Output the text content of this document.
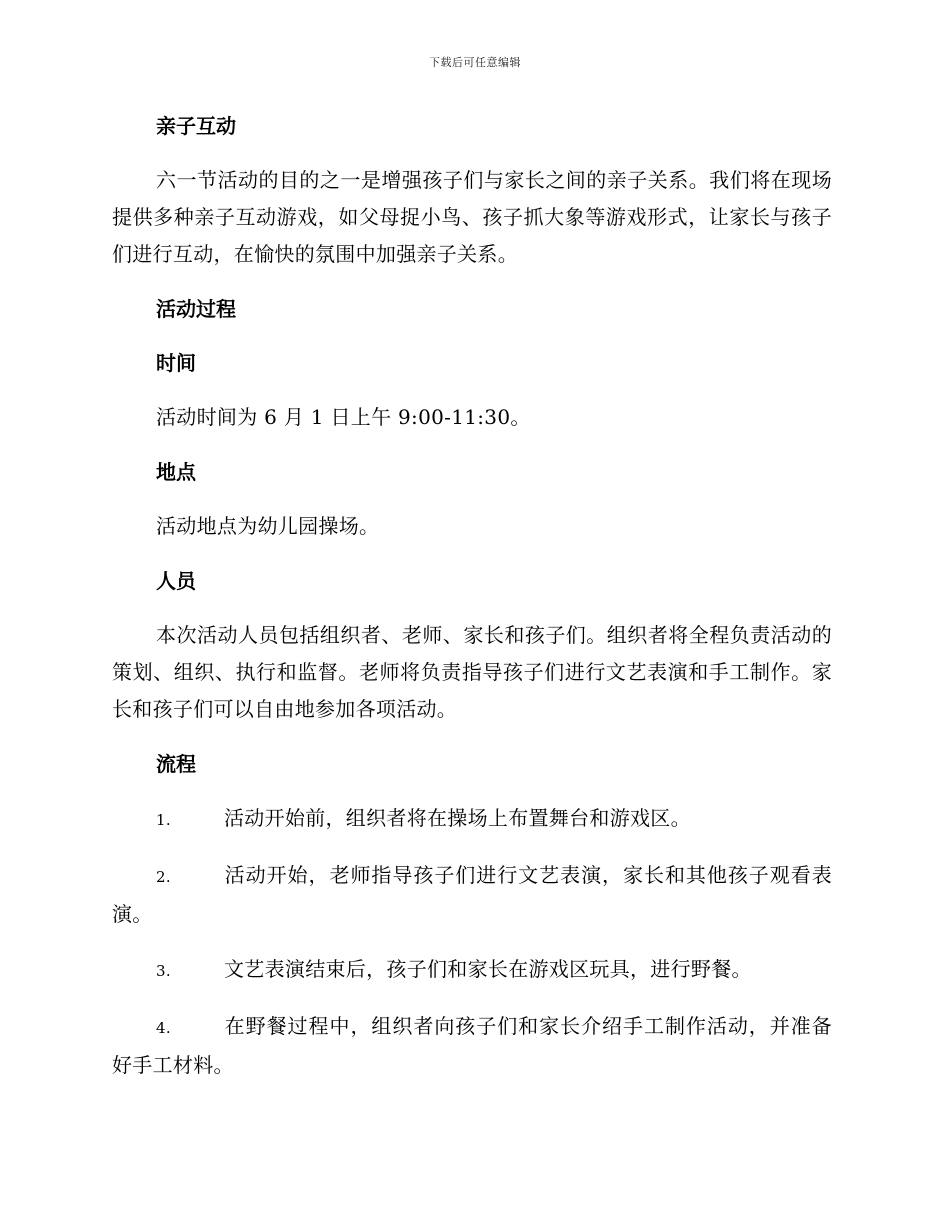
下载后可任意编辑
亲子互动

六一节活动的目的之一是增强孩子们与家长之间的亲子关系。我们将在现场提供多种亲子互动游戏，如父母捉小鸟、孩子抓大象等游戏形式，让家长与孩子们进行互动，在愉快的氛围中加强亲子关系。

活动过程
时间

活动时间为 6 月 1 日上午 9:00-11:30。

地点

活动地点为幼儿园操场。

人员

本次活动人员包括组织者、老师、家长和孩子们。组织者将全程负责活动的策划、组织、执行和监督。老师将负责指导孩子们进行文艺表演和手工制作。家长和孩子们可以自由地参加各项活动。

流程

1.	活动开始前，组织者将在操场上布置舞台和游戏区。

2.	活动开始，老师指导孩子们进行文艺表演，家长和其他孩子观看表演。

3.	文艺表演结束后，孩子们和家长在游戏区玩具，进行野餐。

4.	在野餐过程中，组织者向孩子们和家长介绍手工制作活动，并准备好手工材料。
